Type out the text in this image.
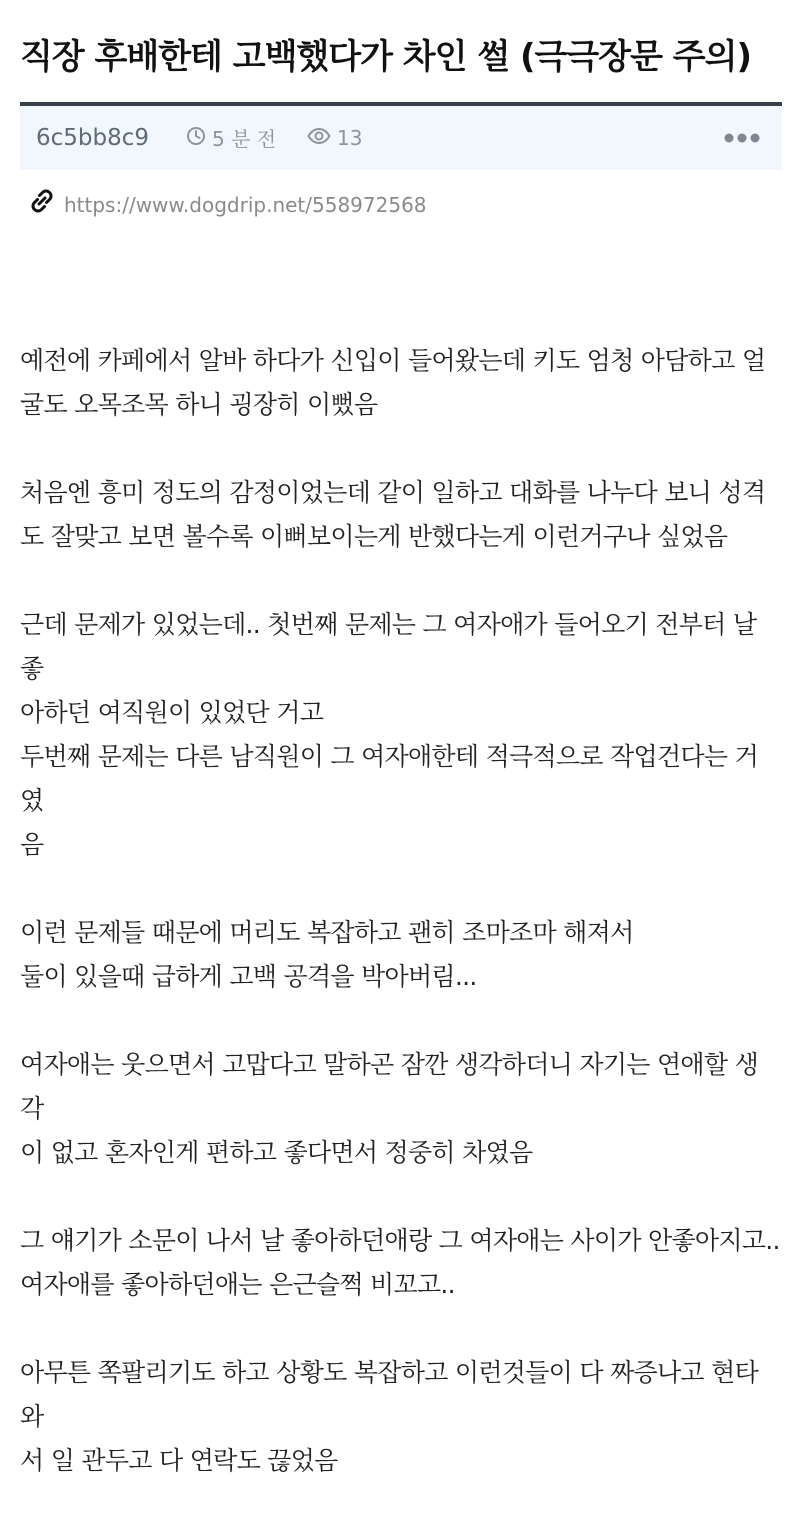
직장 후배한테 고백했다가 차인 썰 (극극장문 주의)
6c5bb8c9	5 분 전	13
https://www.dogdrip.net/558972568

예전에 카페에서 알바 하다가 신입이 들어왔는데 키도 엄청 아담하고 얼
굴도 오목조목 하니 굉장히 이뻤음

처음엔 흥미 정도의 감정이었는데 같이 일하고 대화를 나누다 보니 성격
도 잘맞고 보면 볼수록 이뻐보이는게 반했다는게 이런거구나 싶었음

근데 문제가 있었는데.. 첫번째 문제는 그 여자애가 들어오기 전부터 날 좋
아하던 여직원이 있었단 거고
두번째 문제는 다른 남직원이 그 여자애한테 적극적으로 작업건다는 거였
음

이런 문제들 때문에 머리도 복잡하고 괜히 조마조마 해져서
둘이 있을때 급하게 고백 공격을 박아버림...

여자애는 웃으면서 고맙다고 말하곤 잠깐 생각하더니 자기는 연애할 생각
이 없고 혼자인게 편하고 좋다면서 정중히 차였음

그 얘기가 소문이 나서 날 좋아하던애랑 그 여자애는 사이가 안좋아지고..
여자애를 좋아하던애는 은근슬쩍 비꼬고..

아무튼 쪽팔리기도 하고 상황도 복잡하고 이런것들이 다 짜증나고 현타와
서 일 관두고 다 연락도 끊었음
